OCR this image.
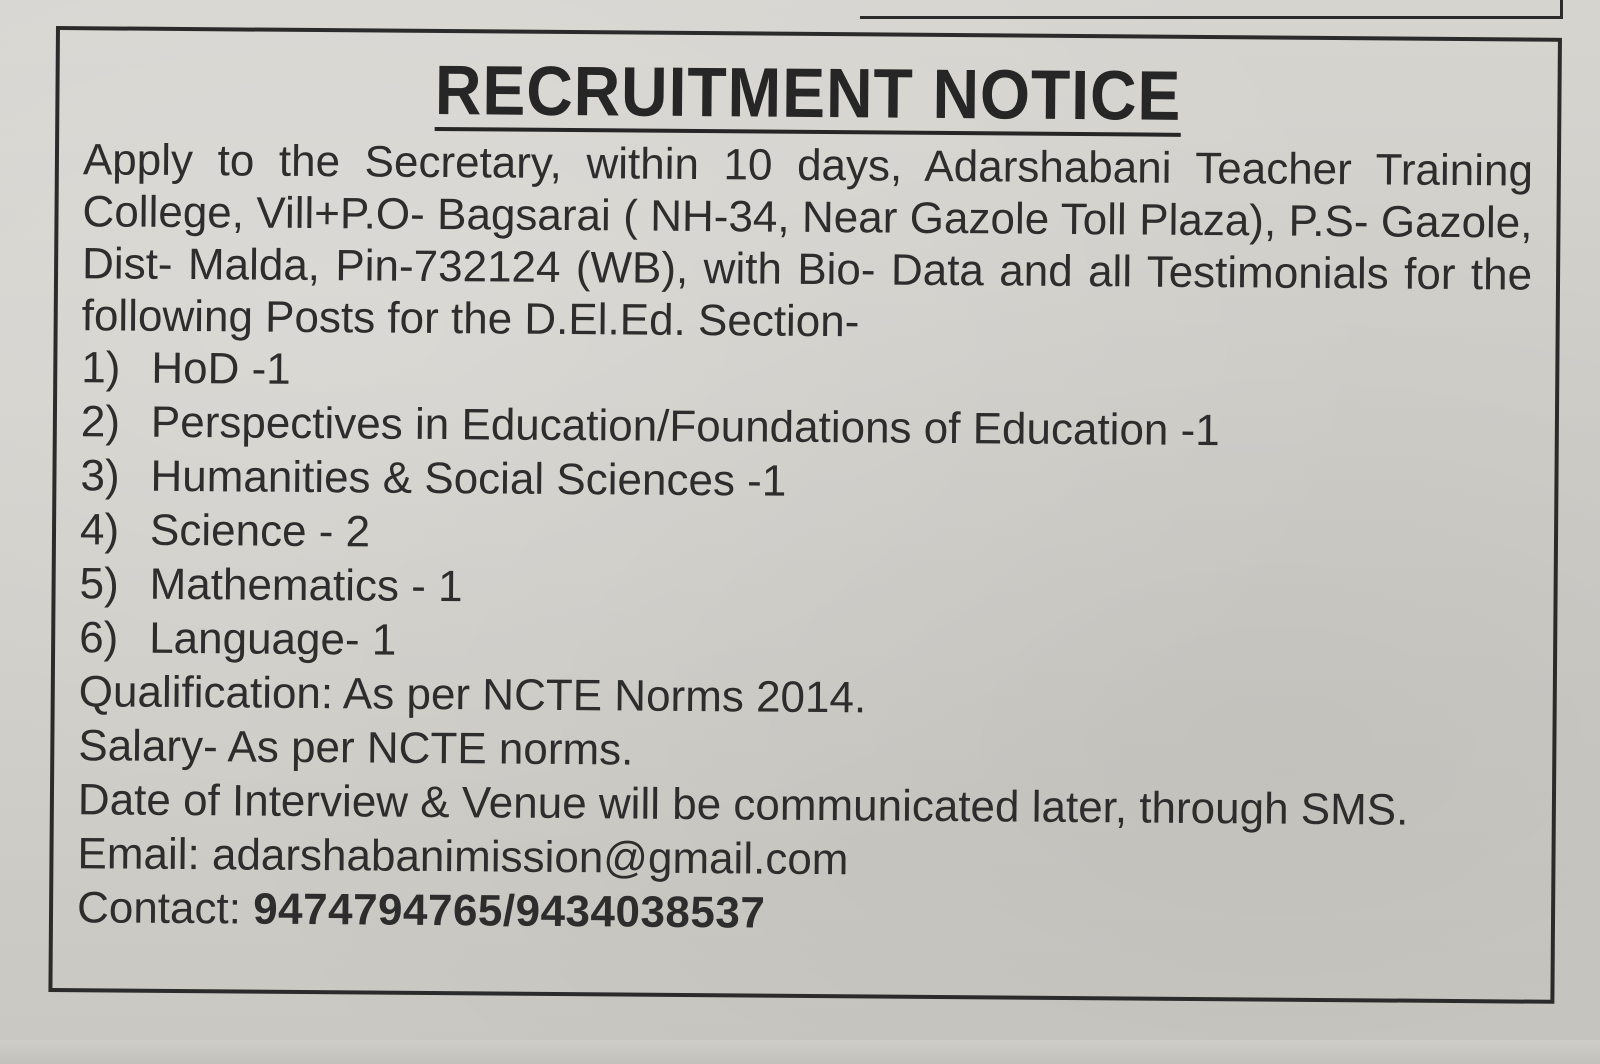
RECRUITMENT NOTICE

Apply to the Secretary, within 10 days, Adarshabani Teacher Training College, Vill+P.O- Bagsarai ( NH-34, Near Gazole Toll Plaza), P.S- Gazole, Dist- Malda, Pin-732124 (WB), with Bio- Data and all Testimonials for the following Posts for the D.El.Ed. Section-

1) HoD -1
2) Perspectives in Education/Foundations of Education -1
3) Humanities & Social Sciences -1
4) Science - 2
5) Mathematics - 1
6) Language- 1
Qualification: As per NCTE Norms 2014.
Salary- As per NCTE norms.
Date of Interview & Venue will be communicated later, through SMS.
Email: adarshabanimission@gmail.com
Contact: 9474794765/9434038537
